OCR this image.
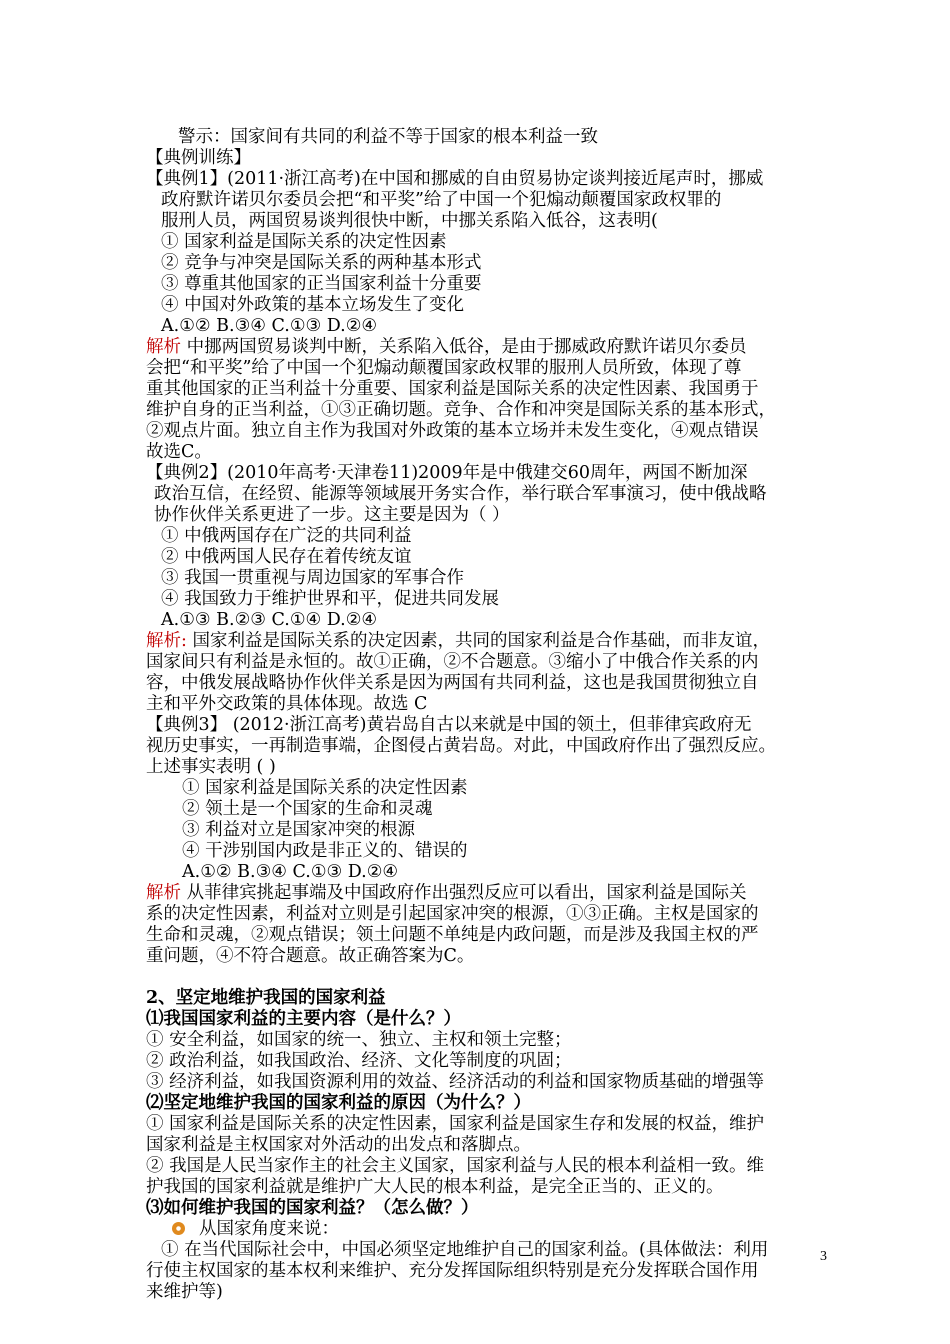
警示：国家间有共同的利益不等于国家的根本利益一致
【典例训练】
【典例1】(2011·浙江高考)在中国和挪威的自由贸易协定谈判接近尾声时，挪威
政府默许诺贝尔委员会把“和平奖”给了中国一个犯煽动颠覆国家政权罪的
服刑人员，两国贸易谈判很快中断，中挪关系陷入低谷，这表明(
① 国家利益是国际关系的决定性因素
② 竞争与冲突是国际关系的两种基本形式
③ 尊重其他国家的正当国家利益十分重要
④ 中国对外政策的基本立场发生了变化
A.①② B.③④ C.①③ D.②④
解析 中挪两国贸易谈判中断，关系陷入低谷，是由于挪威政府默许诺贝尔委员
会把“和平奖”给了中国一个犯煽动颠覆国家政权罪的服刑人员所致，体现了尊
重其他国家的正当利益十分重要、国家利益是国际关系的决定性因素、我国勇于
维护自身的正当利益，①③正确切题。竞争、合作和冲突是国际关系的基本形式，
②观点片面。独立自主作为我国对外政策的基本立场并未发生变化，④观点错误
故选C。
【典例2】(2010年高考·天津卷11)2009年是中俄建交60周年，两国不断加深
政治互信，在经贸、能源等领域展开务实合作，举行联合军事演习，使中俄战略
协作伙伴关系更进了一步。这主要是因为（ ）
① 中俄两国存在广泛的共同利益
② 中俄两国人民存在着传统友谊
③ 我国一贯重视与周边国家的军事合作
④ 我国致力于维护世界和平，促进共同发展
A.①③ B.②③ C.①④ D.②④
解析: 国家利益是国际关系的决定因素，共同的国家利益是合作基础，而非友谊，
国家间只有利益是永恒的。故①正确，②不合题意。③缩小了中俄合作关系的内
容，中俄发展战略协作伙伴关系是因为两国有共同利益，这也是我国贯彻独立自
主和平外交政策的具体体现。故选 C
【典例3】 (2012·浙江高考)黄岩岛自古以来就是中国的领土，但菲律宾政府无
视历史事实，一再制造事端，企图侵占黄岩岛。对此，中国政府作出了强烈反应。
上述事实表明 ( )
① 国家利益是国际关系的决定性因素
② 领土是一个国家的生命和灵魂
③ 利益对立是国家冲突的根源
④ 干涉别国内政是非正义的、错误的
A.①② B.③④ C.①③ D.②④
解析 从菲律宾挑起事端及中国政府作出强烈反应可以看出，国家利益是国际关
系的决定性因素，利益对立则是引起国家冲突的根源，①③正确。主权是国家的
生命和灵魂，②观点错误；领土问题不单纯是内政问题，而是涉及我国主权的严
重问题，④不符合题意。故正确答案为C。
2、坚定地维护我国的国家利益
⑴我国国家利益的主要内容（是什么？）
① 安全利益，如国家的统一、独立、主权和领土完整；
② 政治利益，如我国政治、经济、文化等制度的巩固；
③ 经济利益，如我国资源利用的效益、经济活动的利益和国家物质基础的增强等
⑵坚定地维护我国的国家利益的原因（为什么？）
① 国家利益是国际关系的决定性因素，国家利益是国家生存和发展的权益，维护
国家利益是主权国家对外活动的出发点和落脚点。
② 我国是人民当家作主的社会主义国家，国家利益与人民的根本利益相一致。维
护我国的国家利益就是维护广大人民的根本利益，是完全正当的、正义的。
⑶如何维护我国的国家利益？（怎么做？）
从国家角度来说：
① 在当代国际社会中，中国必须坚定地维护自己的国家利益。(具体做法：利用
行使主权国家的基本权利来维护、充分发挥国际组织特别是充分发挥联合国作用
来维护等)
3
